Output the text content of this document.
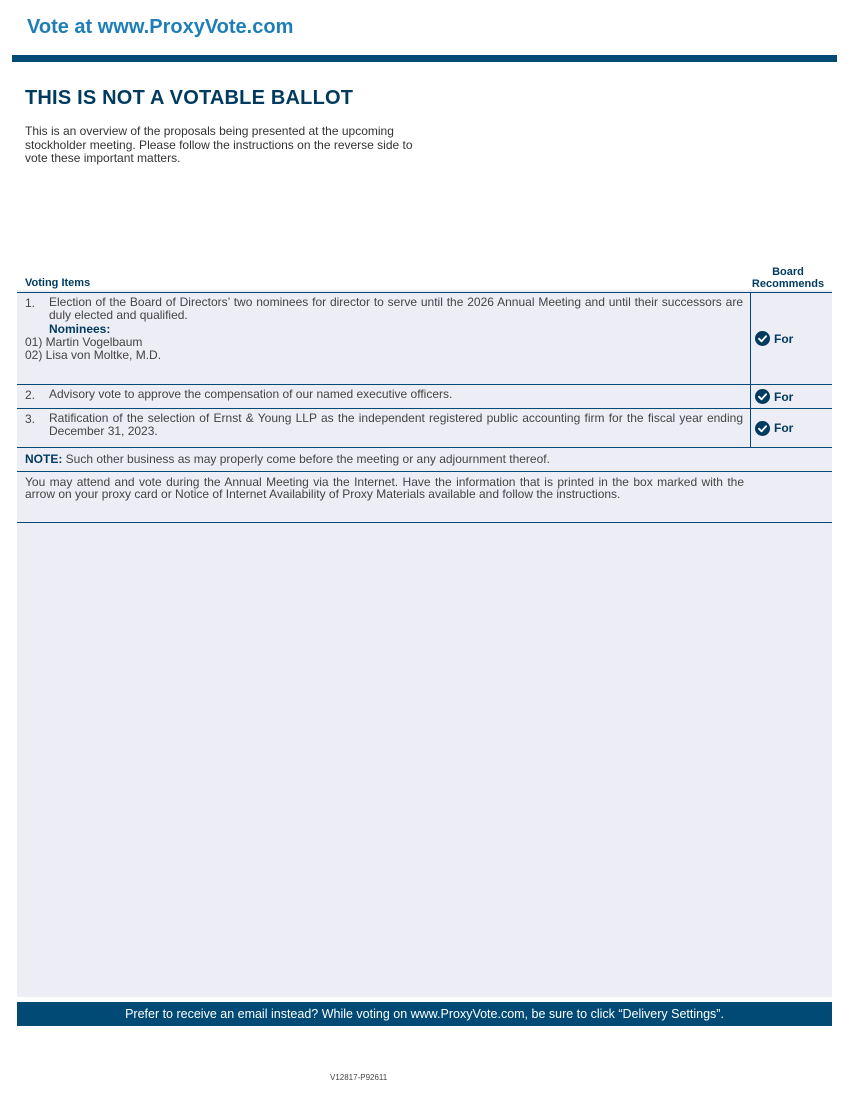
Vote at www.ProxyVote.com
THIS IS NOT A VOTABLE BALLOT
This is an overview of the proposals being presented at the upcoming stockholder meeting. Please follow the instructions on the reverse side to vote these important matters.
Voting Items
Board
Recommends
1. Election of the Board of Directors’ two nominees for director to serve until the 2026 Annual Meeting and until their successors are duly elected and qualified.
Nominees:
01) Martin Vogelbaum
02) Lisa von Moltke, M.D.
For
2. Advisory vote to approve the compensation of our named executive officers.	For
3. Ratification of the selection of Ernst & Young LLP as the independent registered public accounting firm for the fiscal year ending December 31, 2023.	For
NOTE: Such other business as may properly come before the meeting or any adjournment thereof.
You may attend and vote during the Annual Meeting via the Internet. Have the information that is printed in the box marked with the arrow on your proxy card or Notice of Internet Availability of Proxy Materials available and follow the instructions.
Prefer to receive an email instead? While voting on www.ProxyVote.com, be sure to click “Delivery Settings”.
V12817-P92611
